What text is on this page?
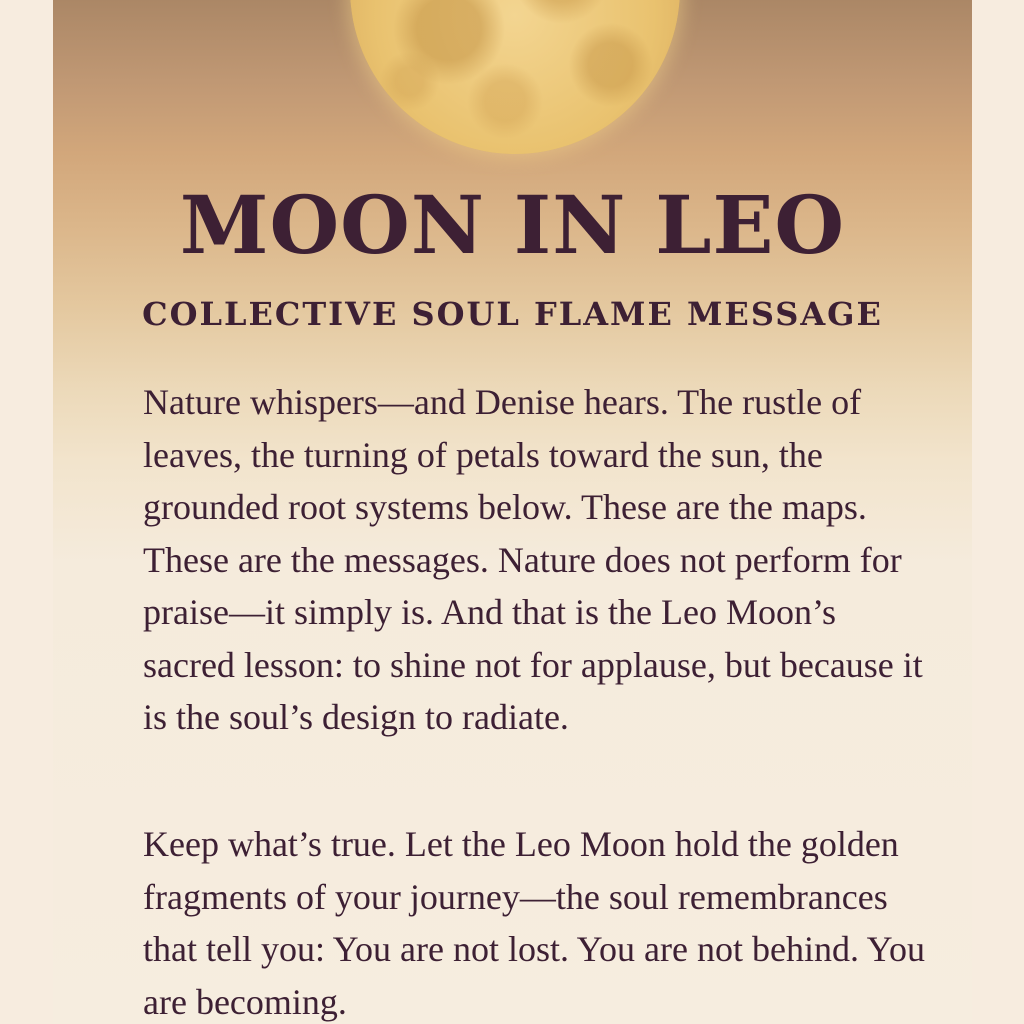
MOON IN LEO
COLLECTIVE SOUL FLAME MESSAGE

Nature whispers—and Denise hears. The rustle of leaves, the turning of petals toward the sun, the grounded root systems below. These are the maps. These are the messages. Nature does not perform for praise—it simply is. And that is the Leo Moon’s sacred lesson: to shine not for applause, but because it is the soul’s design to radiate.

Keep what’s true. Let the Leo Moon hold the golden fragments of your journey—the soul remembrances that tell you: You are not lost. You are not behind. You are becoming.
